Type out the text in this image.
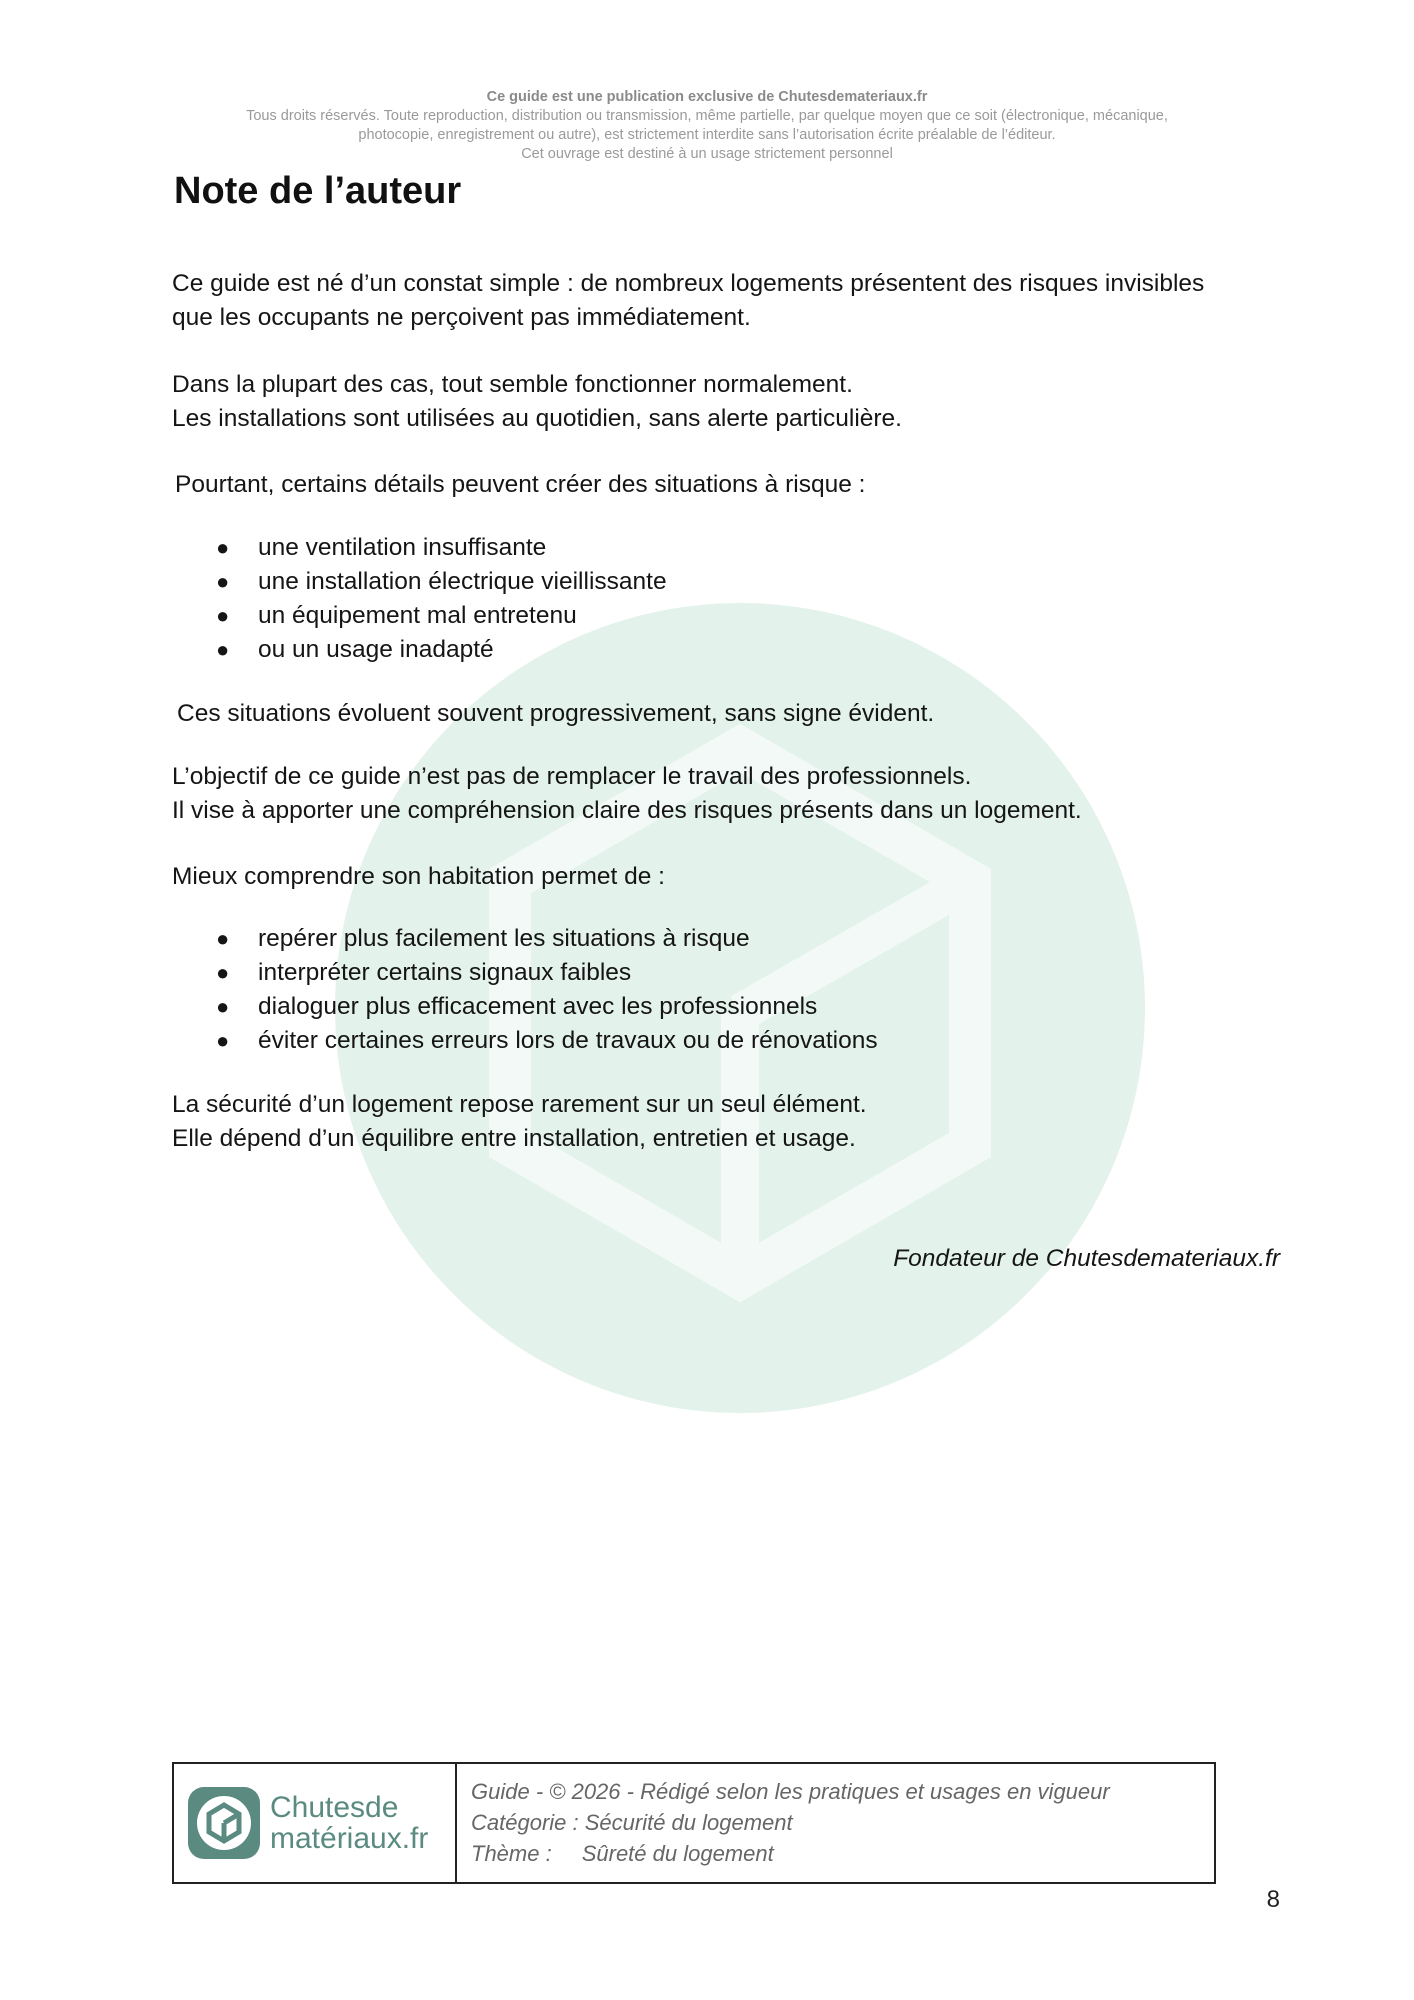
Ce guide est une publication exclusive de Chutesdemateriaux.fr
Tous droits réservés. Toute reproduction, distribution ou transmission, même partielle, par quelque moyen que ce soit (électronique, mécanique,
photocopie, enregistrement ou autre), est strictement interdite sans l’autorisation écrite préalable de l’éditeur.
Cet ouvrage est destiné à un usage strictement personnel
Note de l’auteur

Ce guide est né d’un constat simple : de nombreux logements présentent des risques invisibles

que les occupants ne perçoivent pas immédiatement.

Dans la plupart des cas, tout semble fonctionner normalement.

Les installations sont utilisées au quotidien, sans alerte particulière.

Pourtant, certains détails peuvent créer des situations à risque :

● une ventilation insuffisante
● une installation électrique vieillissante
● un équipement mal entretenu
● ou un usage inadapté

Ces situations évoluent souvent progressivement, sans signe évident.

L’objectif de ce guide n’est pas de remplacer le travail des professionnels.

Il vise à apporter une compréhension claire des risques présents dans un logement.

Mieux comprendre son habitation permet de :

● repérer plus facilement les situations à risque
● interpréter certains signaux faibles
● dialoguer plus efficacement avec les professionnels
● éviter certaines erreurs lors de travaux ou de rénovations

La sécurité d’un logement repose rarement sur un seul élément.

Elle dépend d’un équilibre entre installation, entretien et usage.

Fondateur de Chutesdemateriaux.fr
Chutesde
matériaux.fr
Guide - © 2026 - Rédigé selon les pratiques et usages en vigueur
Catégorie : Sécurité du logement
Thème : Sûreté du logement
8
